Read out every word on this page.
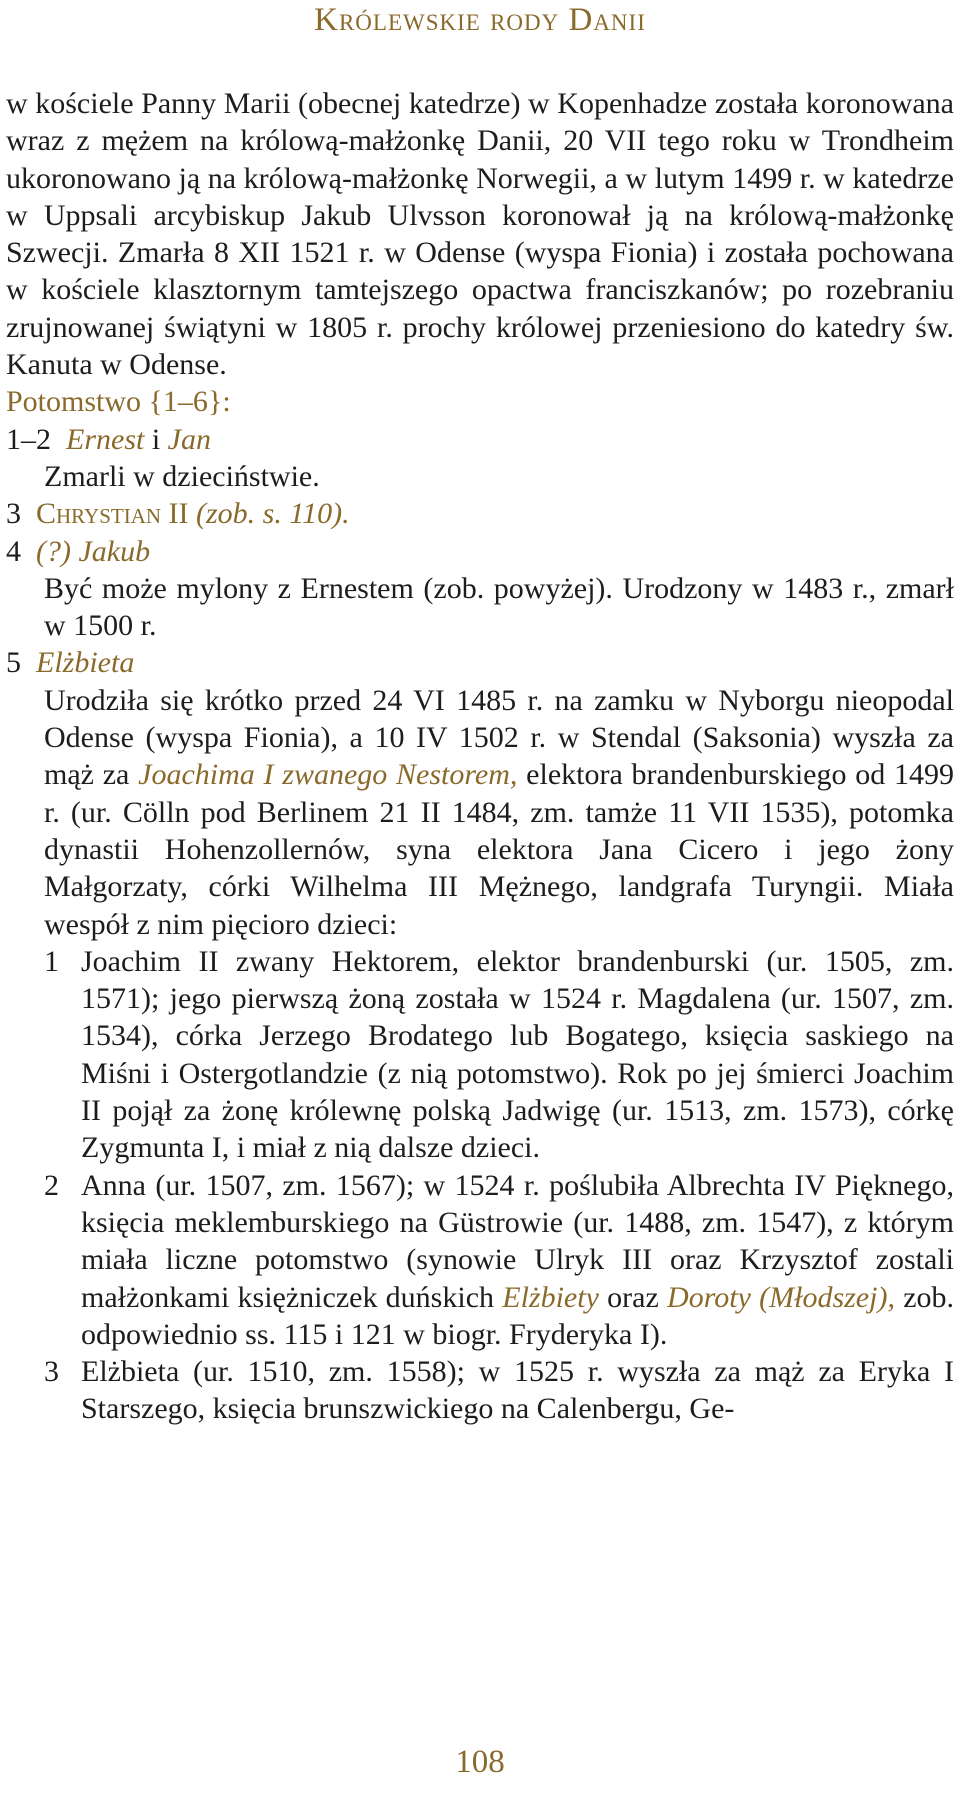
Królewskie rody Danii

w kościele Panny Marii (obecnej katedrze) w Kopenhadze została koronowana wraz z mężem na królową-małżonkę Danii, 20 VII tego roku w Trondheim ukoronowano ją na królową-małżonkę Norwegii, a w lutym 1499 r. w katedrze w Uppsali arcybiskup Jakub Ulvsson koronował ją na królową-małżonkę Szwecji. Zmarła 8 XII 1521 r. w Odense (wyspa Fionia) i została pochowana w kościele klasztornym tamtejszego opactwa franciszkanów; po rozebraniu zrujnowanej świątyni w 1805 r. prochy królowej przeniesiono do katedry św. Kanuta w Odense.

Potomstwo {1–6}:
1–2 Ernest i Jan
Zmarli w dzieciństwie.
3 Chrystian II (zob. s. 110).
4 (?) Jakub
Być może mylony z Ernestem (zob. powyżej). Urodzony w 1483 r., zmarł w 1500 r.
5 Elżbieta

Urodziła się krótko przed 24 VI 1485 r. na zamku w Nyborgu nieopodal Odense (wyspa Fionia), a 10 IV 1502 r. w Stendal (Saksonia) wyszła za mąż za Joachima I zwanego Nestorem, elektora brandenburskiego od 1499 r. (ur. Cölln pod Berlinem 21 II 1484, zm. tamże 11 VII 1535), potomka dynastii Hohenzollernów, syna elektora Jana Cicero i jego żony Małgorzaty, córki Wilhelma III Mężnego, landgrafa Turyngii. Miała wespół z nim pięcioro dzieci:

1 Joachim II zwany Hektorem, elektor brandenburski (ur. 1505, zm. 1571); jego pierwszą żoną została w 1524 r. Magdalena (ur. 1507, zm. 1534), córka Jerzego Brodatego lub Bogatego, księcia saskiego na Miśni i Ostergotlandzie (z nią potomstwo). Rok po jej śmierci Joachim II pojął za żonę królewnę polską Jadwigę (ur. 1513, zm. 1573), córkę Zygmunta I, i miał z nią dalsze dzieci.
2 Anna (ur. 1507, zm. 1567); w 1524 r. poślubiła Albrechta IV Pięknego, księcia meklemburskiego na Güstrowie (ur. 1488, zm. 1547), z którym miała liczne potomstwo (synowie Ulryk III oraz Krzysztof zostali małżonkami księżniczek duńskich Elżbiety oraz Doroty (Młodszej), zob. odpowiednio ss. 115 i 121 w biogr. Fryderyka I).
3 Elżbieta (ur. 1510, zm. 1558); w 1525 r. wyszła za mąż za Eryka I Starszego, księcia brunszwickiego na Calenbergu, Ge-
108
